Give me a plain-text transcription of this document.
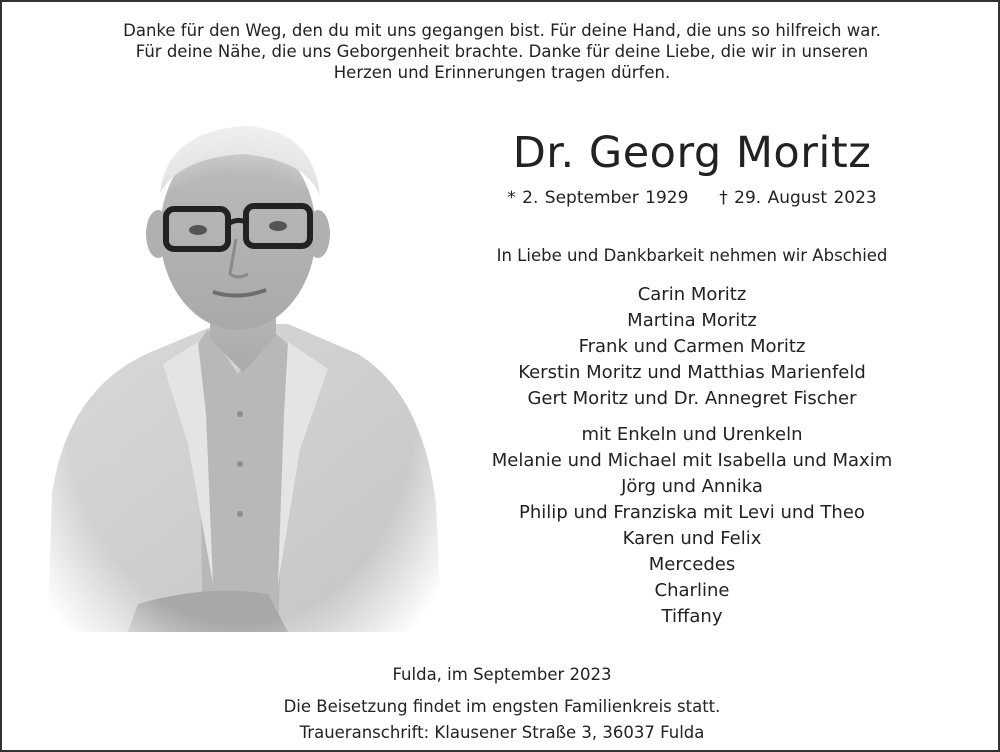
Danke für den Weg, den du mit uns gegangen bist. Für deine Hand, die uns so hilfreich war.
Für deine Nähe, die uns Geborgenheit brachte. Danke für deine Liebe, die wir in unseren
Herzen und Erinnerungen tragen dürfen.
Dr. Georg Moritz
* 2. September 1929 † 29. August 2023
In Liebe und Dankbarkeit nehmen wir Abschied
Carin Moritz
Martina Moritz
Frank und Carmen Moritz
Kerstin Moritz und Matthias Marienfeld
Gert Moritz und Dr. Annegret Fischer
mit Enkeln und Urenkeln
Melanie und Michael mit Isabella und Maxim
Jörg und Annika
Philip und Franziska mit Levi und Theo
Karen und Felix
Mercedes
Charline
Tiffany
Fulda, im September 2023
Die Beisetzung findet im engsten Familienkreis statt.
Traueranschrift: Klausener Straße 3, 36037 Fulda
